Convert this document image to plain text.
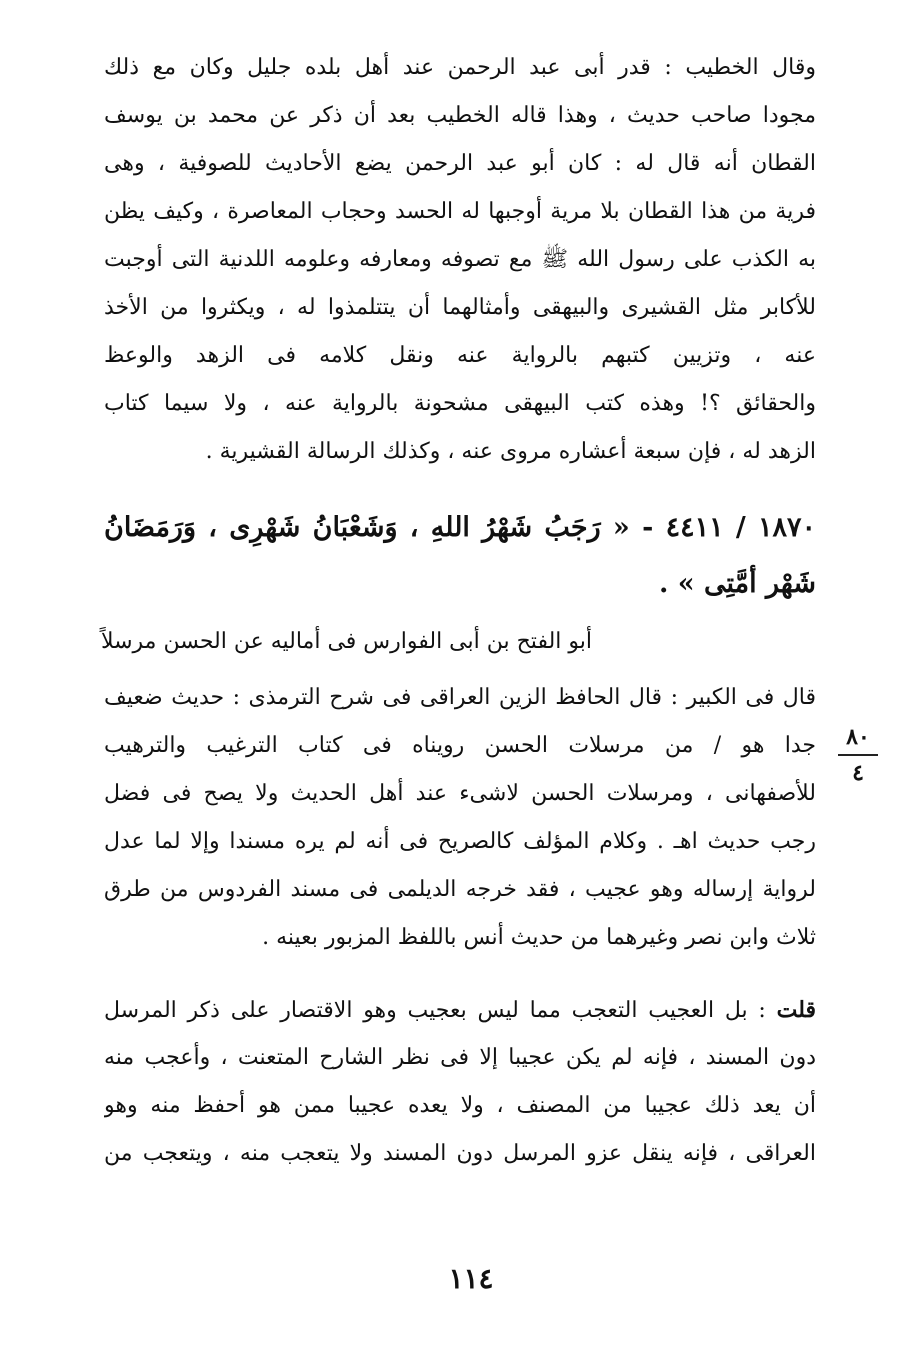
وقال الخطيب : قدر أبى عبد الرحمن عند أهل بلده جليل وكان مع ذلك
مجودا صاحب حديث ، وهذا قاله الخطيب بعد أن ذكر عن محمد بن يوسف
القطان أنه قال له : كان أبو عبد الرحمن يضع الأحاديث للصوفية ، وهى
فرية من هذا القطان بلا مرية أوجبها له الحسد وحجاب المعاصرة ، وكيف يظن
به الكذب على رسول الله ﷺ مع تصوفه ومعارفه وعلومه اللدنية التى أوجبت
للأكابر مثل القشيرى والبيهقى وأمثالهما أن يتتلمذوا له ، ويكثروا من الأخذ
عنه ، وتزيين كتبهم بالرواية عنه ونقل كلامه فى الزهد والوعظ
والحقائق ؟! وهذه كتب البيهقى مشحونة بالرواية عنه ، ولا سيما كتاب
الزهد له ، فإن سبعة أعشاره مروى عنه ، وكذلك الرسالة القشيرية .
١٨٧٠ / ٤٤١١ - « رَجَبُ شَهْرُ اللهِ ، وَشَعْبَانُ شَهْرِى ، وَرَمَضَانُ
شَهْر أمَّتِى » .
أبو الفتح بن أبى الفوارس فى أماليه عن الحسن مرسلاً
قال فى الكبير : قال الحافظ الزين العراقى فى شرح الترمذى : حديث ضعيف
جدا هو / من مرسلات الحسن رويناه فى كتاب الترغيب والترهيب
للأصفهانى ، ومرسلات الحسن لاشىء عند أهل الحديث ولا يصح فى فضل
رجب حديث اهـ . وكلام المؤلف كالصريح فى أنه لم يره مسندا وإلا لما عدل
لرواية إرساله وهو عجيب ، فقد خرجه الديلمى فى مسند الفردوس من طرق
ثلاث وابن نصر وغيرهما من حديث أنس باللفظ المزبور بعينه .
قلت : بل العجيب التعجب مما ليس بعجيب وهو الاقتصار على ذكر المرسل
دون المسند ، فإنه لم يكن عجيبا إلا فى نظر الشارح المتعنت ، وأعجب منه
أن يعد ذلك عجيبا من المصنف ، ولا يعده عجيبا ممن هو أحفظ منه وهو
العراقى ، فإنه ينقل عزو المرسل دون المسند ولا يتعجب منه ، ويتعجب من
٨٠
٤
١١٤
